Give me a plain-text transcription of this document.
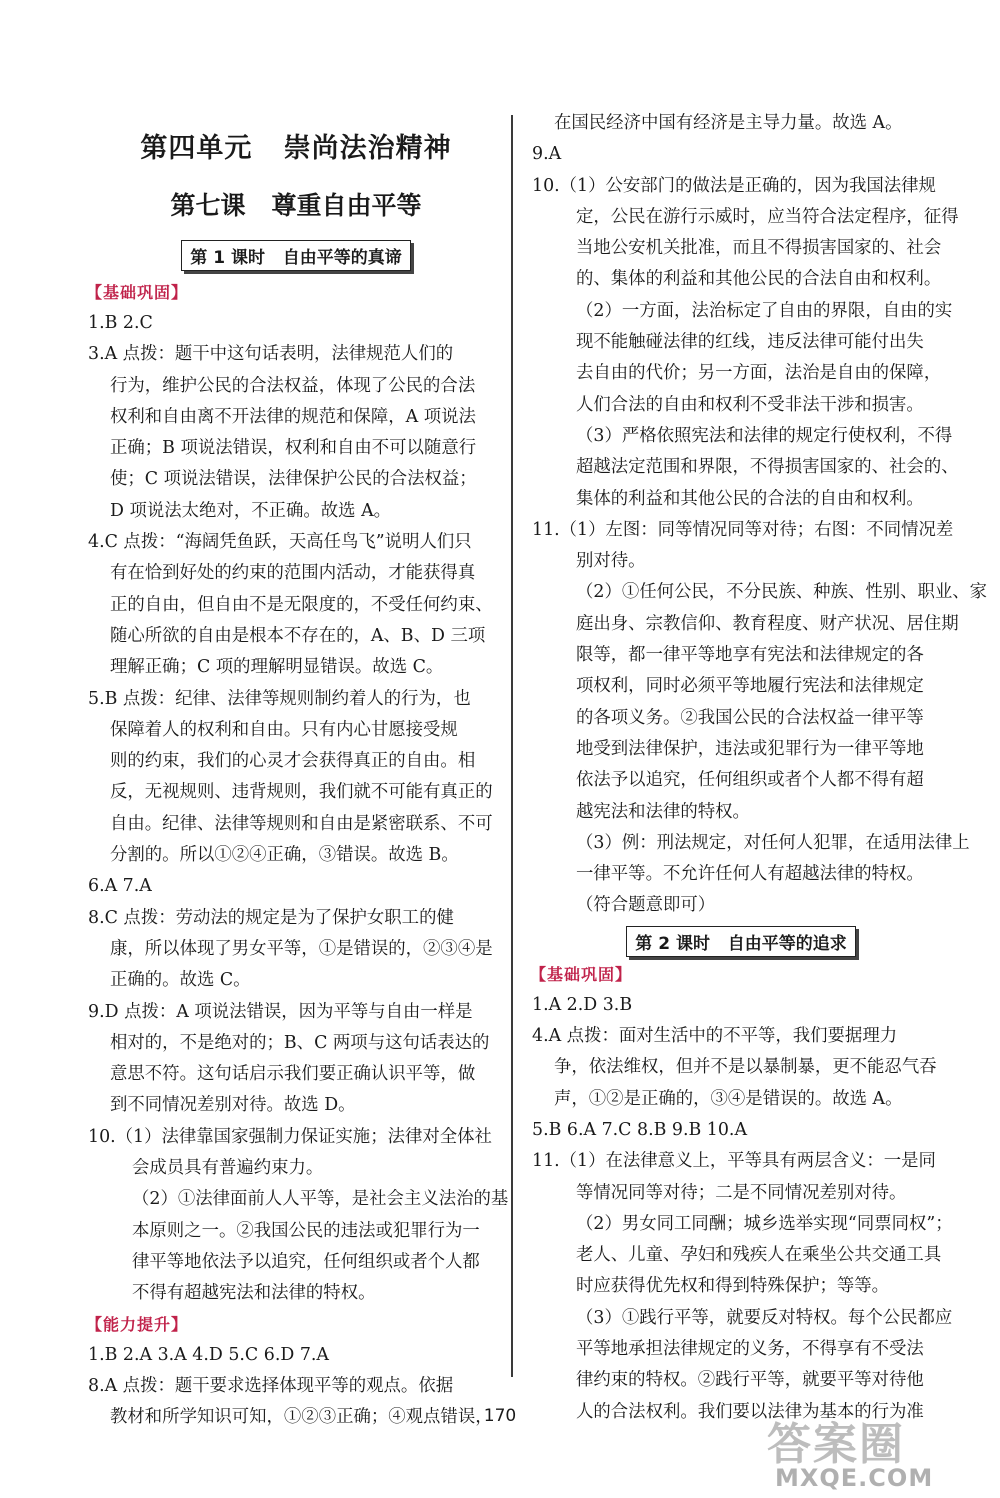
第四单元   崇尚法治精神
第七课   尊重自由平等
第 1 课时   自由平等的真谛
【基础巩固】
1.B 2.C
3.A 点拨：题干中这句话表明，法律规范人们的
行为，维护公民的合法权益，体现了公民的合法
权利和自由离不开法律的规范和保障，A 项说法
正确；B 项说法错误，权利和自由不可以随意行
使；C 项说法错误，法律保护公民的合法权益；
D 项说法太绝对，不正确。故选 A。
4.C 点拨：“海阔凭鱼跃，天高任鸟飞”说明人们只
有在恰到好处的约束的范围内活动，才能获得真
正的自由，但自由不是无限度的，不受任何约束、
随心所欲的自由是根本不存在的，A、B、D 三项
理解正确；C 项的理解明显错误。故选 C。
5.B 点拨：纪律、法律等规则制约着人的行为，也
保障着人的权利和自由。只有内心甘愿接受规
则的约束，我们的心灵才会获得真正的自由。相
反，无视规则、违背规则，我们就不可能有真正的
自由。纪律、法律等规则和自由是紧密联系、不可
分割的。所以①②④正确，③错误。故选 B。
6.A 7.A
8.C 点拨：劳动法的规定是为了保护女职工的健
康，所以体现了男女平等，①是错误的，②③④是
正确的。故选 C。
9.D 点拨：A 项说法错误，因为平等与自由一样是
相对的，不是绝对的；B、C 两项与这句话表达的
意思不符。这句话启示我们要正确认识平等，做
到不同情况差别对待。故选 D。
10.（1）法律靠国家强制力保证实施；法律对全体社
会成员具有普遍约束力。
（2）①法律面前人人平等，是社会主义法治的基
本原则之一。②我国公民的违法或犯罪行为一
律平等地依法予以追究，任何组织或者个人都
不得有超越宪法和法律的特权。
【能力提升】
1.B 2.A 3.A 4.D 5.C 6.D 7.A
8.A 点拨：题干要求选择体现平等的观点。依据
教材和所学知识可知，①②③正确；④观点错误，
在国民经济中国有经济是主导力量。故选 A。
9.A
10.（1）公安部门的做法是正确的，因为我国法律规
定，公民在游行示威时，应当符合法定程序，征得
当地公安机关批准，而且不得损害国家的、社会
的、集体的利益和其他公民的合法自由和权利。
（2）一方面，法治标定了自由的界限，自由的实
现不能触碰法律的红线，违反法律可能付出失
去自由的代价；另一方面，法治是自由的保障，
人们合法的自由和权利不受非法干涉和损害。
（3）严格依照宪法和法律的规定行使权利，不得
超越法定范围和界限，不得损害国家的、社会的、
集体的利益和其他公民的合法的自由和权利。
11.（1）左图：同等情况同等对待；右图：不同情况差
别对待。
（2）①任何公民，不分民族、种族、性别、职业、家
庭出身、宗教信仰、教育程度、财产状况、居住期
限等，都一律平等地享有宪法和法律规定的各
项权利，同时必须平等地履行宪法和法律规定
的各项义务。②我国公民的合法权益一律平等
地受到法律保护，违法或犯罪行为一律平等地
依法予以追究，任何组织或者个人都不得有超
越宪法和法律的特权。
（3）例：刑法规定，对任何人犯罪，在适用法律上
一律平等。不允许任何人有超越法律的特权。
（符合题意即可）
第 2 课时   自由平等的追求
【基础巩固】
1.A 2.D 3.B
4.A 点拨：面对生活中的不平等，我们要据理力
争，依法维权，但并不是以暴制暴，更不能忍气吞
声，①②是正确的，③④是错误的。故选 A。
5.B 6.A 7.C 8.B 9.B 10.A
11.（1）在法律意义上，平等具有两层含义：一是同
等情况同等对待；二是不同情况差别对待。
（2）男女同工同酬；城乡选举实现“同票同权”；
老人、儿童、孕妇和残疾人在乘坐公共交通工具
时应获得优先权和得到特殊保护；等等。
（3）①践行平等，就要反对特权。每个公民都应
平等地承担法律规定的义务，不得享有不受法
律约束的特权。②践行平等，就要平等对待他
人的合法权利。我们要以法律为基本的行为准
170
答案圈
MXQE.COM
